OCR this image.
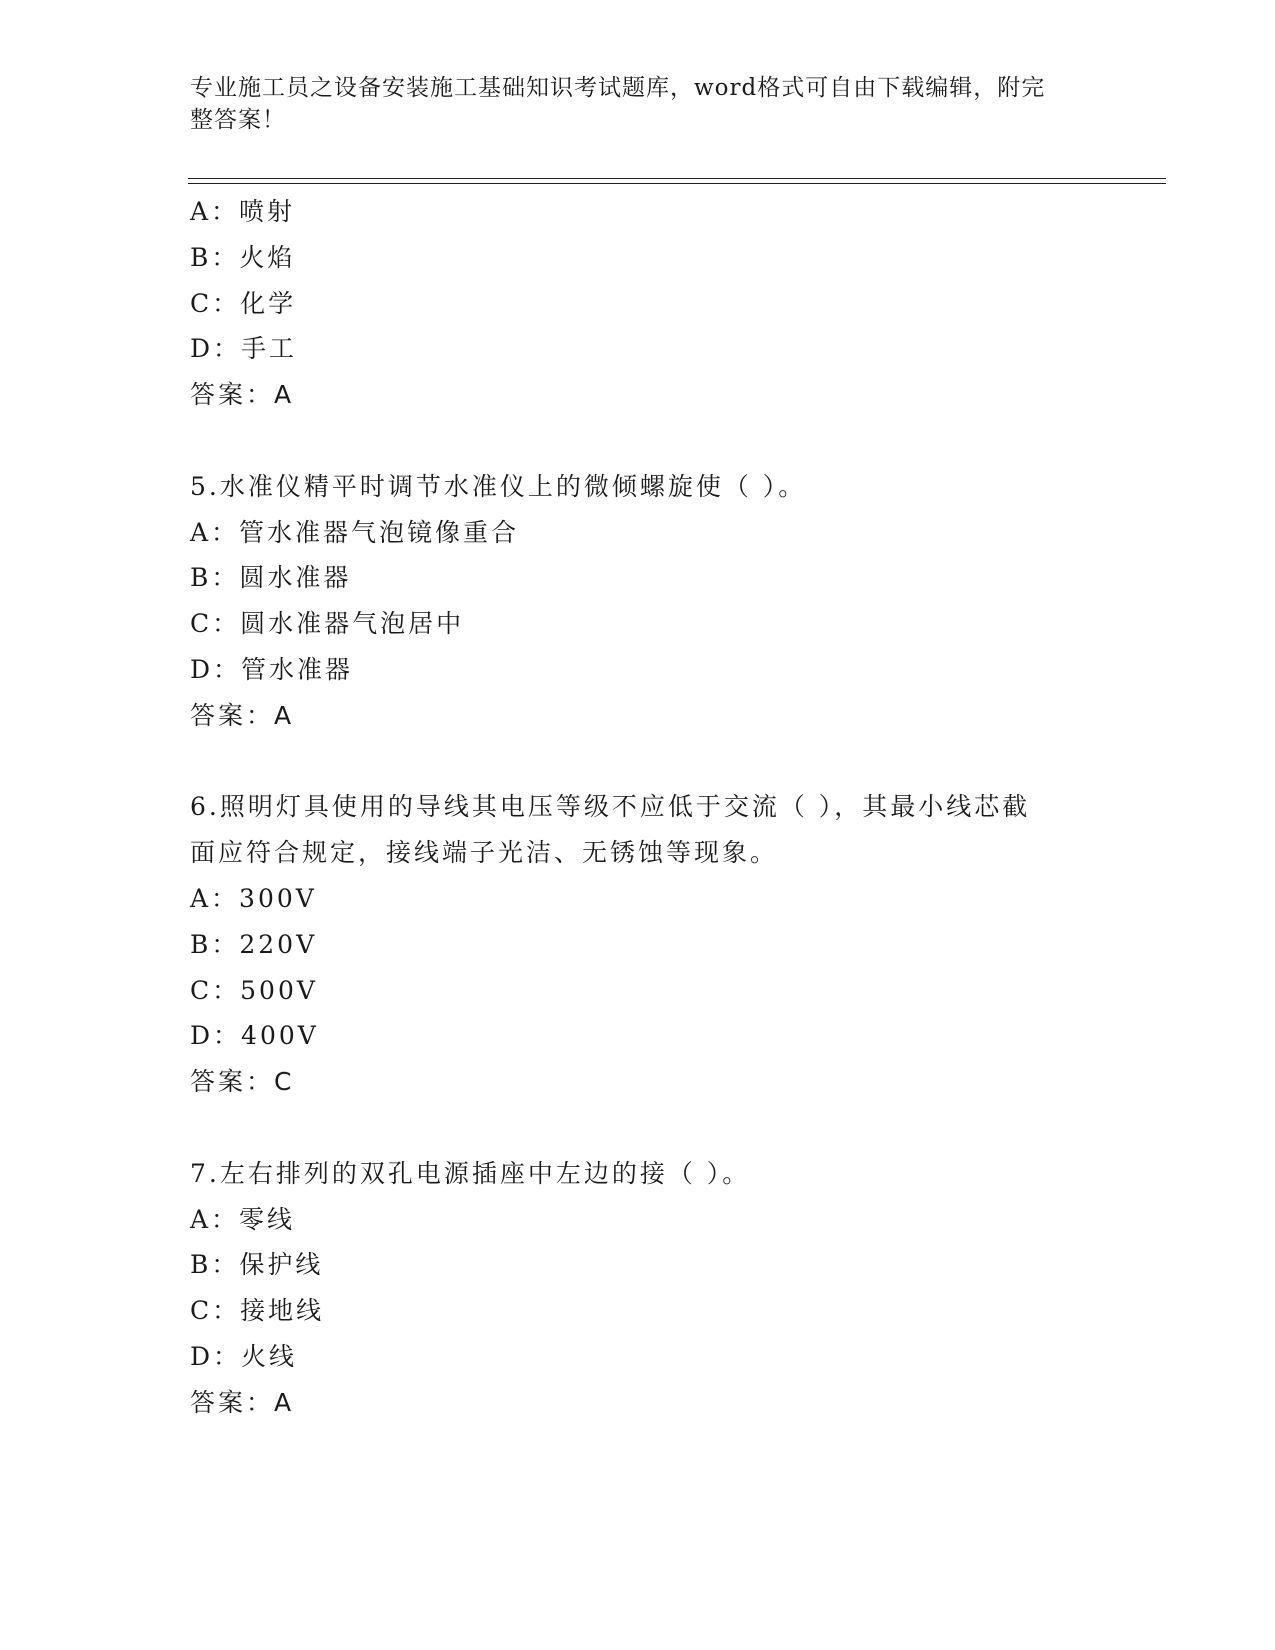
专业施工员之设备安装施工基础知识考试题库，word格式可自由下载编辑，附完
整答案！
A：喷射
B：火焰
C：化学
D：手工
答案：A
5.水准仪精平时调节水准仪上的微倾螺旋使（ ）。
A：管水准器气泡镜像重合
B：圆水准器
C：圆水准器气泡居中
D：管水准器
答案：A
6.照明灯具使用的导线其电压等级不应低于交流（ ），其最小线芯截
面应符合规定，接线端子光洁、无锈蚀等现象。
A：300V
B：220V
C：500V
D：400V
答案：C
7.左右排列的双孔电源插座中左边的接（ ）。
A：零线
B：保护线
C：接地线
D：火线
答案：A
